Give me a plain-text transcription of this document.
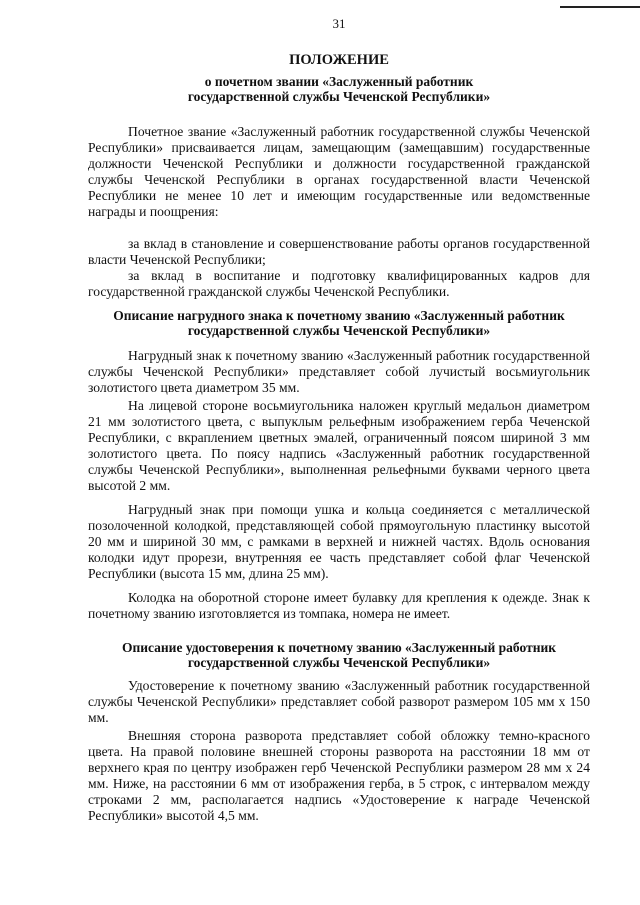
31
ПОЛОЖЕНИЕ
о почетном звании «Заслуженный работник государственной службы Чеченской Республики»

Почетное звание «Заслуженный работник государственной службы Чеченской Республики» присваивается лицам, замещающим (замещавшим) государственные должности Чеченской Республики и должности государственной гражданской службы Чеченской Республики в органах государственной власти Чеченской Республики не менее 10 лет и имеющим государственные или ведомственные награды и поощрения:

за вклад в становление и совершенствование работы органов государственной власти Чеченской Республики;

за вклад в воспитание и подготовку квалифицированных кадров для государственной гражданской службы Чеченской Республики.

Описание нагрудного знака к почетному званию «Заслуженный работник государственной службы Чеченской Республики»

Нагрудный знак к почетному званию «Заслуженный работник государственной службы Чеченской Республики» представляет собой лучистый восьмиугольник золотистого цвета диаметром 35 мм.

На лицевой стороне восьмиугольника наложен круглый медальон диаметром 21 мм золотистого цвета, с выпуклым рельефным изображением герба Чеченской Республики, с вкраплением цветных эмалей, ограниченный поясом шириной 3 мм золотистого цвета. По поясу надпись «Заслуженный работник государственной службы Чеченской Республики», выполненная рельефными буквами черного цвета высотой 2 мм.

Нагрудный знак при помощи ушка и кольца соединяется с металлической позолоченной колодкой, представляющей собой прямоугольную пластинку высотой 20 мм и шириной 30 мм, с рамками в верхней и нижней частях. Вдоль основания колодки идут прорези, внутренняя ее часть представляет собой флаг Чеченской Республики (высота 15 мм, длина 25 мм).

Колодка на оборотной стороне имеет булавку для крепления к одежде. Знак к почетному званию изготовляется из томпака, номера не имеет.

Описание удостоверения к почетному званию «Заслуженный работник государственной службы Чеченской Республики»

Удостоверение к почетному званию «Заслуженный работник государственной службы Чеченской Республики» представляет собой разворот размером 105 мм х 150 мм.

Внешняя сторона разворота представляет собой обложку темно-красного цвета. На правой половине внешней стороны разворота на расстоянии 18 мм от верхнего края по центру изображен герб Чеченской Республики размером 28 мм х 24 мм. Ниже, на расстоянии 6 мм от изображения герба, в 5 строк, с интервалом между строками 2 мм, располагается надпись «Удостоверение к награде Чеченской Республики» высотой 4,5 мм.
